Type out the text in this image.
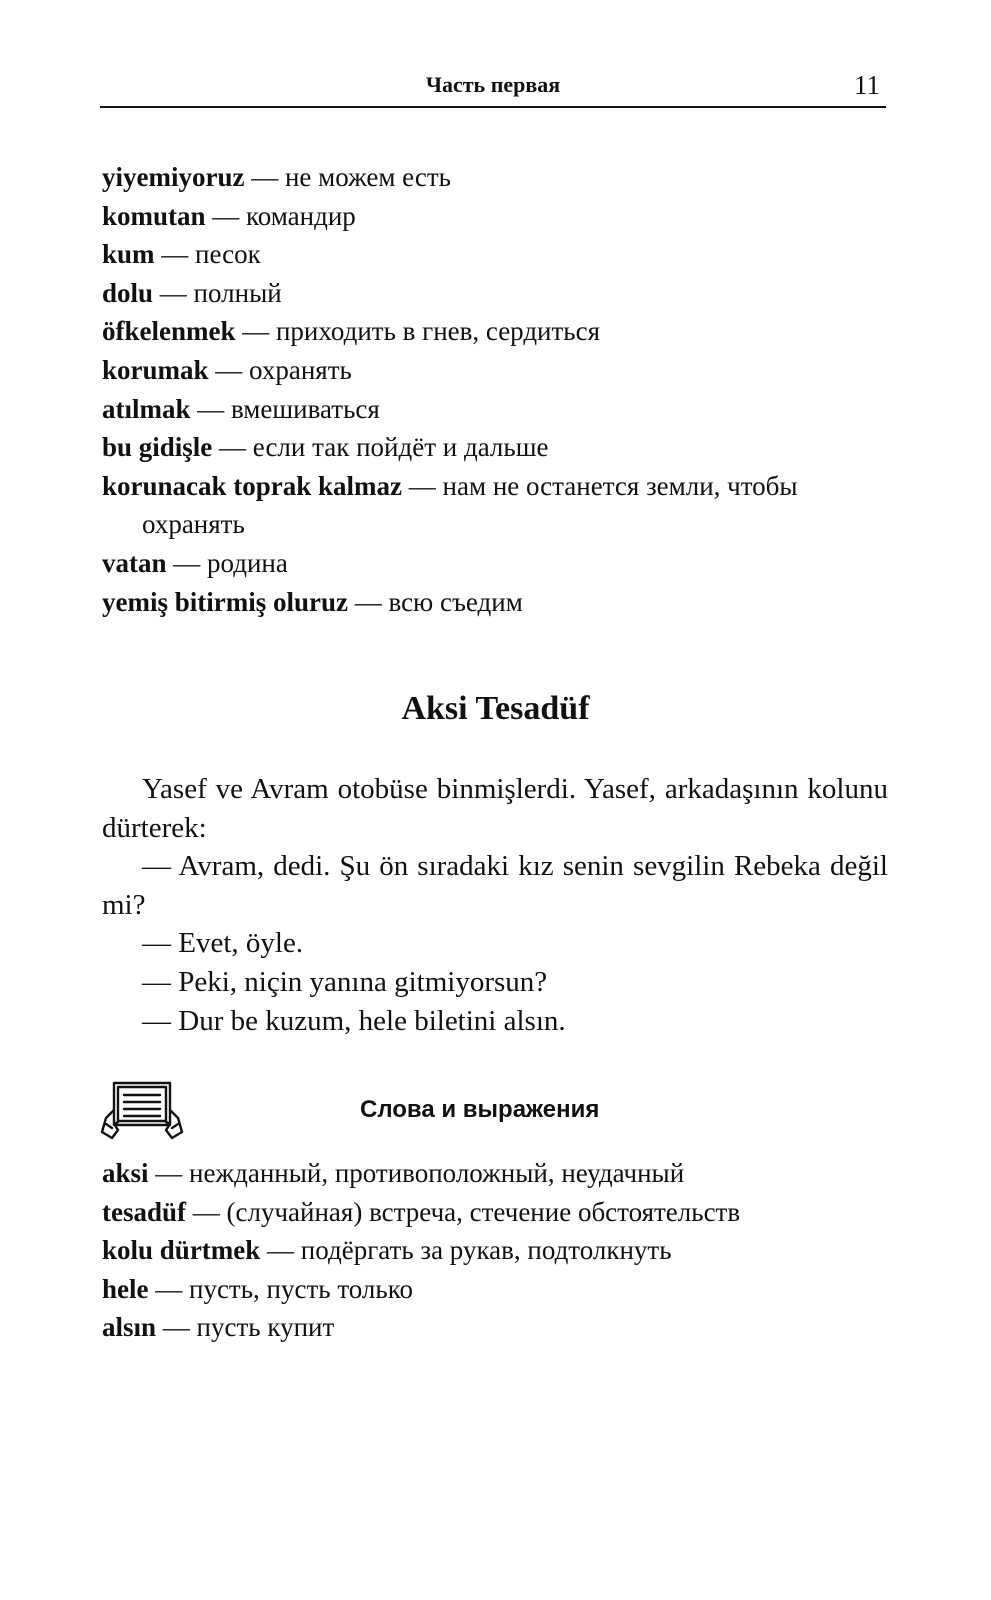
Часть первая	11

yiyemiyoruz — не можем есть

komutan — командир

kum — песок

dolu — полный

öfkelenmek — приходить в гнев, сердиться

korumak — охранять

atılmak — вмешиваться

bu gidişle — если так пойдёт и дальше

korunacak toprak kalmaz — нам не останется земли, чтобы охранять

vatan — родина

yemiş bitirmiş oluruz — всю съедим

Aksi Tesadüf

Yasef ve Avram otobüse binmişlerdi. Yasef, arkadaşının kolunu dürterek:

— Avram, dedi. Şu ön sıradaki kız senin sevgilin Rebeka değil mi?

— Evet, öyle.

— Peki, niçin yanına gitmiyorsun?

— Dur be kuzum, hele biletini alsın.

Слова и выражения

aksi — нежданный, противоположный, неудачный

tesadüf — (случайная) встреча, стечение обстоятельств

kolu dürtmek — подёргать за рукав, подтолкнуть

hele — пусть, пусть только

alsın — пусть купит
